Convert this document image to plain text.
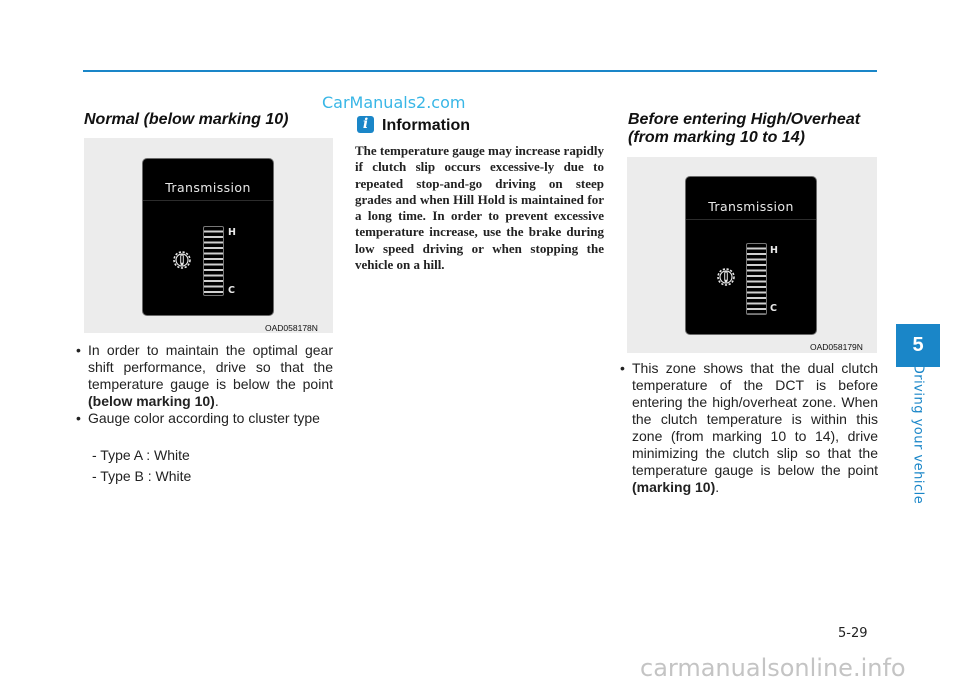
CarManuals2.com
Normal (below marking 10)
Transmission
H
C
OAD058178N
• In order to maintain the optimal gear shift performance, drive so that the temperature gauge is below the point (below marking 10).
• Gauge color according to cluster type
- Type A : White
- Type B : White
i Information
The temperature gauge may increase rapidly if clutch slip occurs excessive-ly due to repeated stop-and-go driving on steep grades and when Hill Hold is maintained for a long time. In order to prevent excessive temperature increase, use the brake during low speed driving or when stopping the vehicle on a hill.
Before entering High/Overheat
(from marking 10 to 14)
Transmission
H
C
OAD058179N
• This zone shows that the dual clutch temperature of the DCT is before entering the high/overheat zone. When the clutch temperature is within this zone (from marking 10 to 14), drive minimizing the clutch slip so that the temperature gauge is below the point (marking 10).
5
Driving your vehicle
5-29
carmanualsonline.info
